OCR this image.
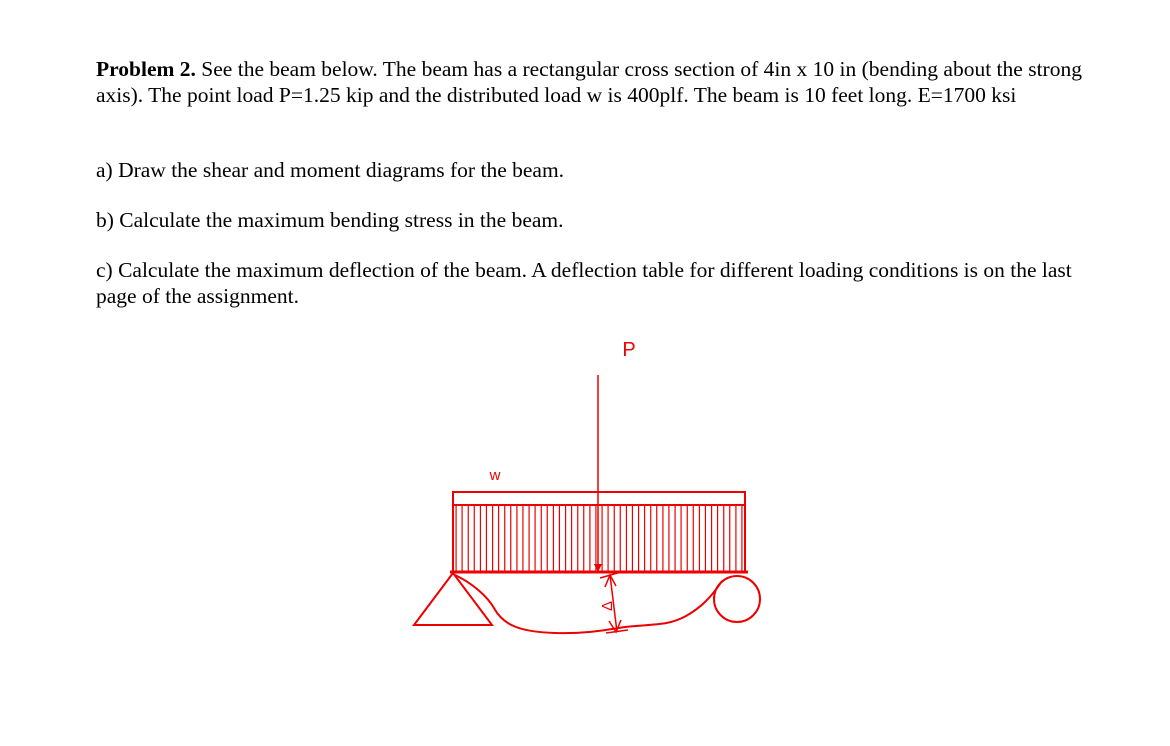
Problem 2. See the beam below. The beam has a rectangular cross section of 4in x 10 in (bending about the strong axis). The point load P=1.25 kip and the distributed load w is 400plf. The beam is 10 feet long. E=1700 ksi
a) Draw the shear and moment diagrams for the beam.
b) Calculate the maximum bending stress in the beam.
c) Calculate the maximum deflection of the beam. A deflection table for different loading conditions is on the last page of the assignment.
P
w
Δ
